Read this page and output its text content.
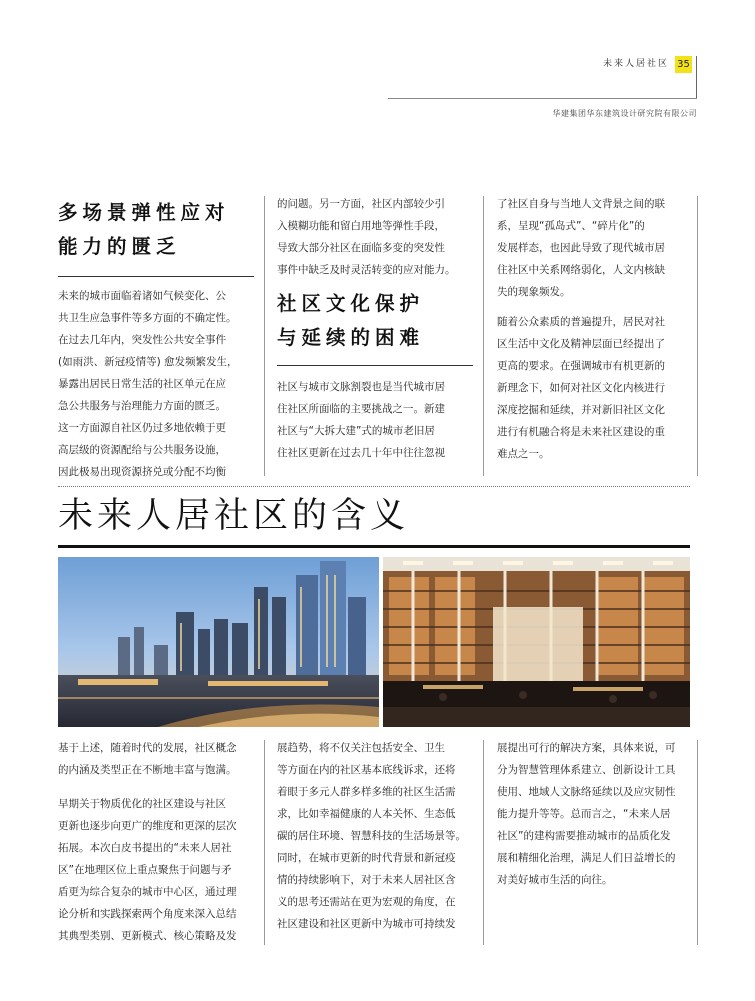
未来人居社区 35
华建集团华东建筑设计研究院有限公司
多场景弹性应对
能力的匮乏

未来的城市面临着诸如气候变化、公

共卫生应急事件等多方面的不确定性。

在过去几年内，突发性公共安全事件

(如雨洪、新冠疫情等) 愈发频繁发生，

暴露出居民日常生活的社区单元在应

急公共服务与治理能力方面的匮乏。

这一方面源自社区仍过多地依赖于更

高层级的资源配给与公共服务设施，

因此极易出现资源挤兑或分配不均衡

的问题。另一方面，社区内部较少引

入模糊功能和留白用地等弹性手段，

导致大部分社区在面临多变的突发性

事件中缺乏及时灵活转变的应对能力。

社区文化保护
与延续的困难

社区与城市文脉割裂也是当代城市居

住社区所面临的主要挑战之一。新建

社区与“大拆大建”式的城市老旧居

住社区更新在过去几十年中往往忽视

了社区自身与当地人文背景之间的联

系，呈现“孤岛式”、“碎片化”的

发展样态，也因此导致了现代城市居

住社区中关系网络弱化，人文内核缺

失的现象频发。

随着公众素质的普遍提升，居民对社

区生活中文化及精神层面已经提出了

更高的要求。在强调城市有机更新的

新理念下，如何对社区文化内核进行

深度挖掘和延续，并对新旧社区文化

进行有机融合将是未来社区建设的重

难点之一。

未来人居社区的含义

基于上述，随着时代的发展，社区概念

的内涵及类型正在不断地丰富与饱满。

早期关于物质优化的社区建设与社区

更新也逐步向更广的维度和更深的层次

拓展。本次白皮书提出的“未来人居社

区”在地理区位上重点聚焦于问题与矛

盾更为综合复杂的城市中心区，通过理

论分析和实践探索两个角度来深入总结

其典型类别、更新模式、核心策略及发

展趋势，将不仅关注包括安全、卫生

等方面在内的社区基本底线诉求，还将

着眼于多元人群多样多维的社区生活需

求，比如幸福健康的人本关怀、生态低

碳的居住环境、智慧科技的生活场景等。

同时，在城市更新的时代背景和新冠疫

情的持续影响下，对于未来人居社区含

义的思考还需站在更为宏观的角度，在

社区建设和社区更新中为城市可持续发

展提出可行的解决方案，具体来说，可

分为智慧管理体系建立、创新设计工具

使用、地域人文脉络延续以及应灾韧性

能力提升等等。总而言之，“未来人居

社区”的建构需要推动城市的品质化发

展和精细化治理，满足人们日益增长的

对美好城市生活的向往。
